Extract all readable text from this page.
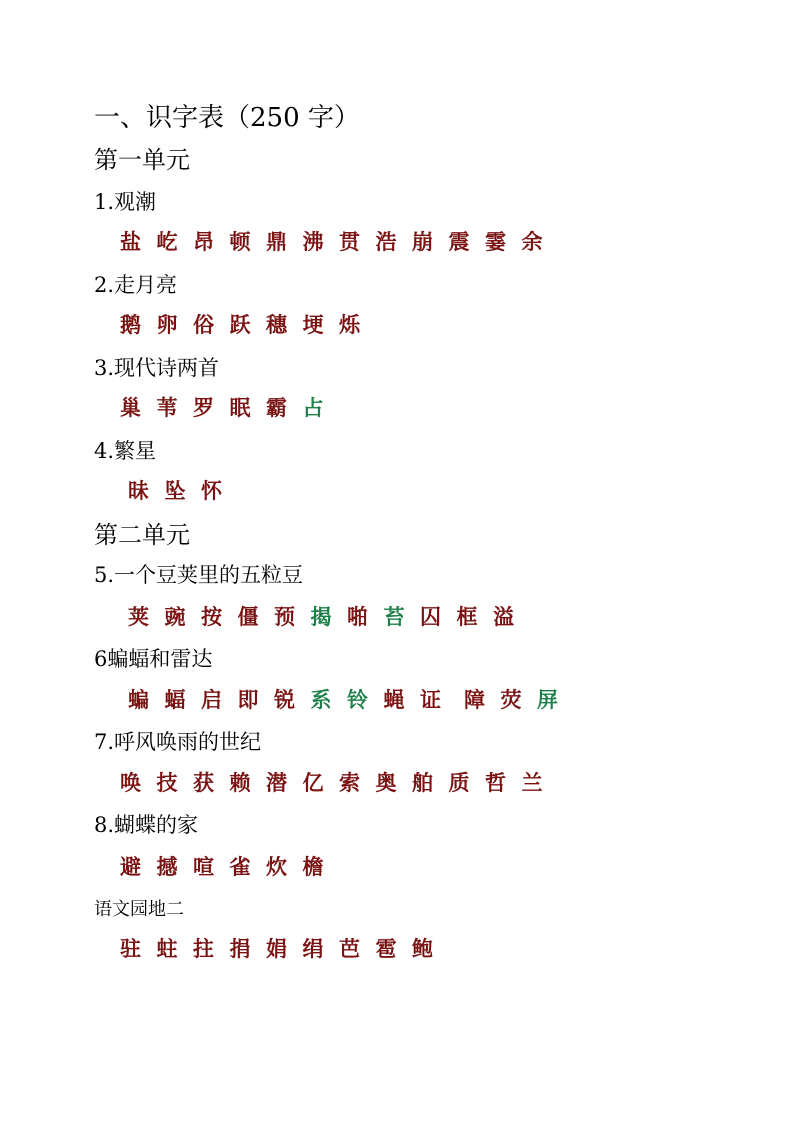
一、识字表（250 字）
第一单元
1.观潮
盐 屹 昂 顿 鼎 沸 贯 浩 崩 震 霎 余
2.走月亮
鹅 卵 俗 跃 穗 埂 烁
3.现代诗两首
巢 苇 罗 眠 霸 占
4.繁星
昧 坠 怀
第二单元
5.一个豆荚里的五粒豆
荚 豌 按 僵 预 揭 啪 苔 囚 框 溢
6蝙蝠和雷达
蝙 蝠 启 即 锐 系 铃 蝇 证 障 荧 屏
7.呼风唤雨的世纪
唤 技 获 赖 潜 亿 索 奥 舶 质 哲 兰
8.蝴蝶的家
避 撼 喧 雀 炊 檐
语文园地二
驻 蛀 拄 捐 娟 绢 芭 雹 鲍
